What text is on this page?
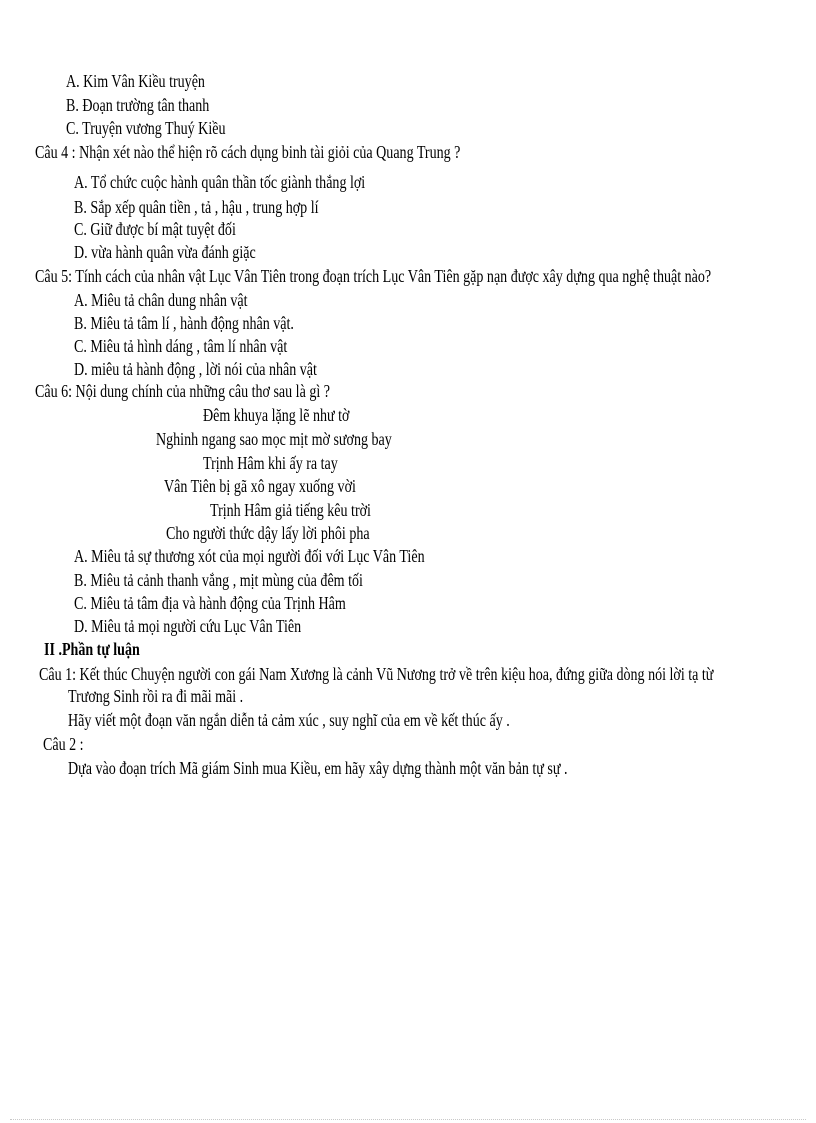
A. Kim Vân Kiều truyện
B. Đoạn trường tân thanh
C. Truyện vương Thuý Kiều
Câu 4 : Nhận xét nào thể hiện rõ cách dụng binh tài giỏi của Quang Trung ?
A. Tổ chức cuộc hành quân thần tốc giành thắng lợi
B. Sắp xếp quân tiền , tả , hậu , trung hợp lí
C. Giữ được bí mật tuyệt đối
D. vừa hành quân vừa đánh giặc
Câu 5: Tính cách của nhân vật Lục Vân Tiên trong đoạn trích Lục Vân Tiên gặp nạn được xây dựng qua nghệ thuật nào?
A. Miêu tả chân dung nhân vật
B. Miêu tả tâm lí , hành động nhân vật.
C. Miêu tả hình dáng , tâm lí nhân vật
D. miêu tả hành động , lời nói của nhân vật
Câu 6: Nội dung chính của những câu thơ sau là gì ?
Đêm khuya lặng lẽ như tờ
Nghinh ngang sao mọc mịt mờ sương bay
Trịnh Hâm khi ấy ra tay
Vân Tiên bị gã xô ngay xuống vời
Trịnh Hâm giả tiếng kêu trời
Cho người thức dậy lấy lời phôi pha
A. Miêu tả sự thương xót của mọi người đối với Lục Vân Tiên
B. Miêu tả cảnh thanh vắng , mịt mùng của đêm tối
C. Miêu tả tâm địa và hành động của Trịnh Hâm
D. Miêu tả mọi người cứu Lục Vân Tiên
II .Phần tự luận
Câu 1: Kết thúc Chuyện người con gái Nam Xương là cảnh Vũ Nương trở về trên kiệu hoa, đứng giữa dòng nói lời tạ từ
Trương Sinh rồi ra đi mãi mãi .
Hãy viết một đoạn văn ngắn diễn tả cảm xúc , suy nghĩ của em về kết thúc ấy .
Câu 2 :
Dựa vào đoạn trích Mã giám Sinh mua Kiều, em hãy xây dựng thành một văn bản tự sự .
